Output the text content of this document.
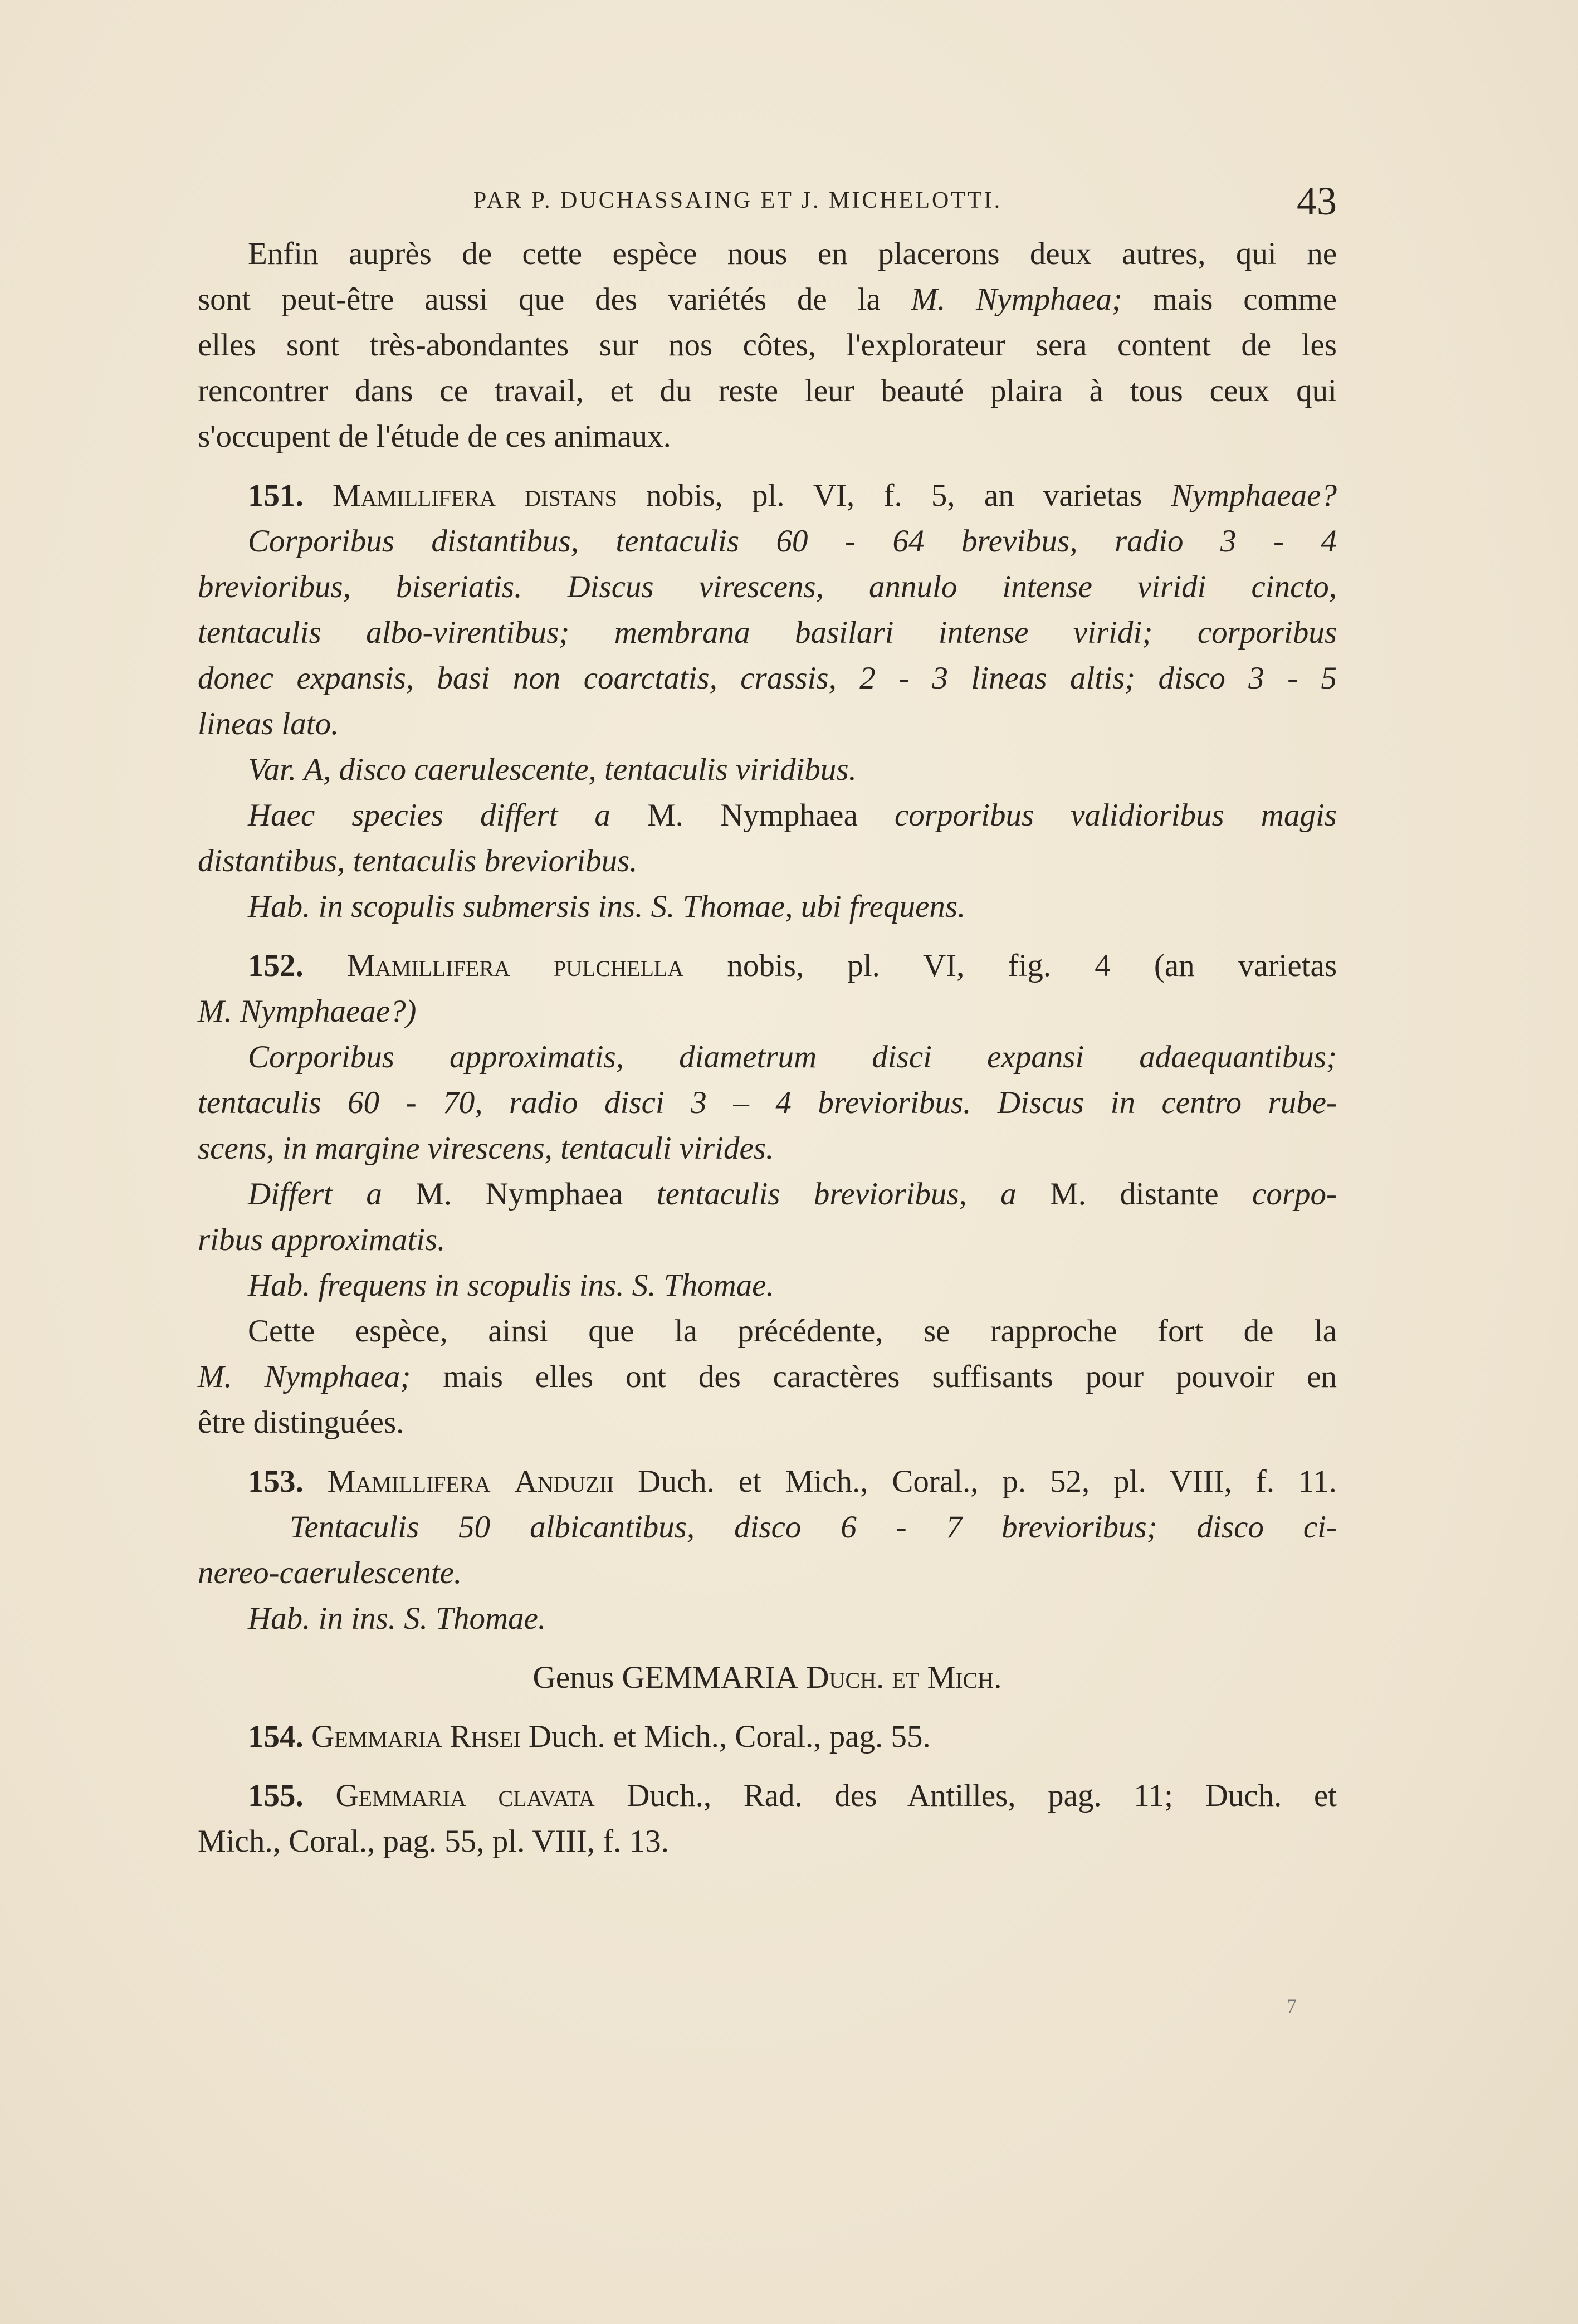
PAR P. DUCHASSAING ET J. MICHELOTTI.	43
Enfin auprès de cette espèce nous en placerons deux autres, qui ne
sont peut-être aussi que des variétés de la M. Nymphaea; mais comme
elles sont très-abondantes sur nos côtes, l'explorateur sera content de les
rencontrer dans ce travail, et du reste leur beauté plaira à tous ceux qui
s'occupent de l'étude de ces animaux.
151. Mamillifera distans nobis, pl. VI, f. 5, an varietas Nymphaeae?
Corporibus distantibus, tentaculis 60 - 64 brevibus, radio 3 - 4
brevioribus, biseriatis. Discus virescens, annulo intense viridi cincto,
tentaculis albo-virentibus; membrana basilari intense viridi; corporibus
donec expansis, basi non coarctatis, crassis, 2 - 3 lineas altis; disco 3 - 5
lineas lato.
Var. A, disco caerulescente, tentaculis viridibus.
Haec species differt a M. Nymphaea corporibus validioribus magis
distantibus, tentaculis brevioribus.
Hab. in scopulis submersis ins. S. Thomae, ubi frequens.
152. Mamillifera pulchella nobis, pl. VI, fig. 4 (an varietas
M. Nymphaeae?)
Corporibus approximatis, diametrum disci expansi adaequantibus;
tentaculis 60 - 70, radio disci 3 – 4 brevioribus. Discus in centro rube-
scens, in margine virescens, tentaculi virides.
Differt a M. Nymphaea tentaculis brevioribus, a M. distante corpo-
ribus approximatis.
Hab. frequens in scopulis ins. S. Thomae.
Cette espèce, ainsi que la précédente, se rapproche fort de la
M. Nymphaea; mais elles ont des caractères suffisants pour pouvoir en
être distinguées.
153. Mamillifera Anduzii Duch. et Mich., Coral., p. 52, pl. VIII, f. 11.
Tentaculis 50 albicantibus, disco 6 - 7 brevioribus; disco ci-
nereo-caerulescente.
Hab. in ins. S. Thomae.
Genus GEMMARIA Duch. et Mich.
154. Gemmaria Rhsei Duch. et Mich., Coral., pag. 55.
155. Gemmaria clavata Duch., Rad. des Antilles, pag. 11; Duch. et
Mich., Coral., pag. 55, pl. VIII, f. 13.
7
